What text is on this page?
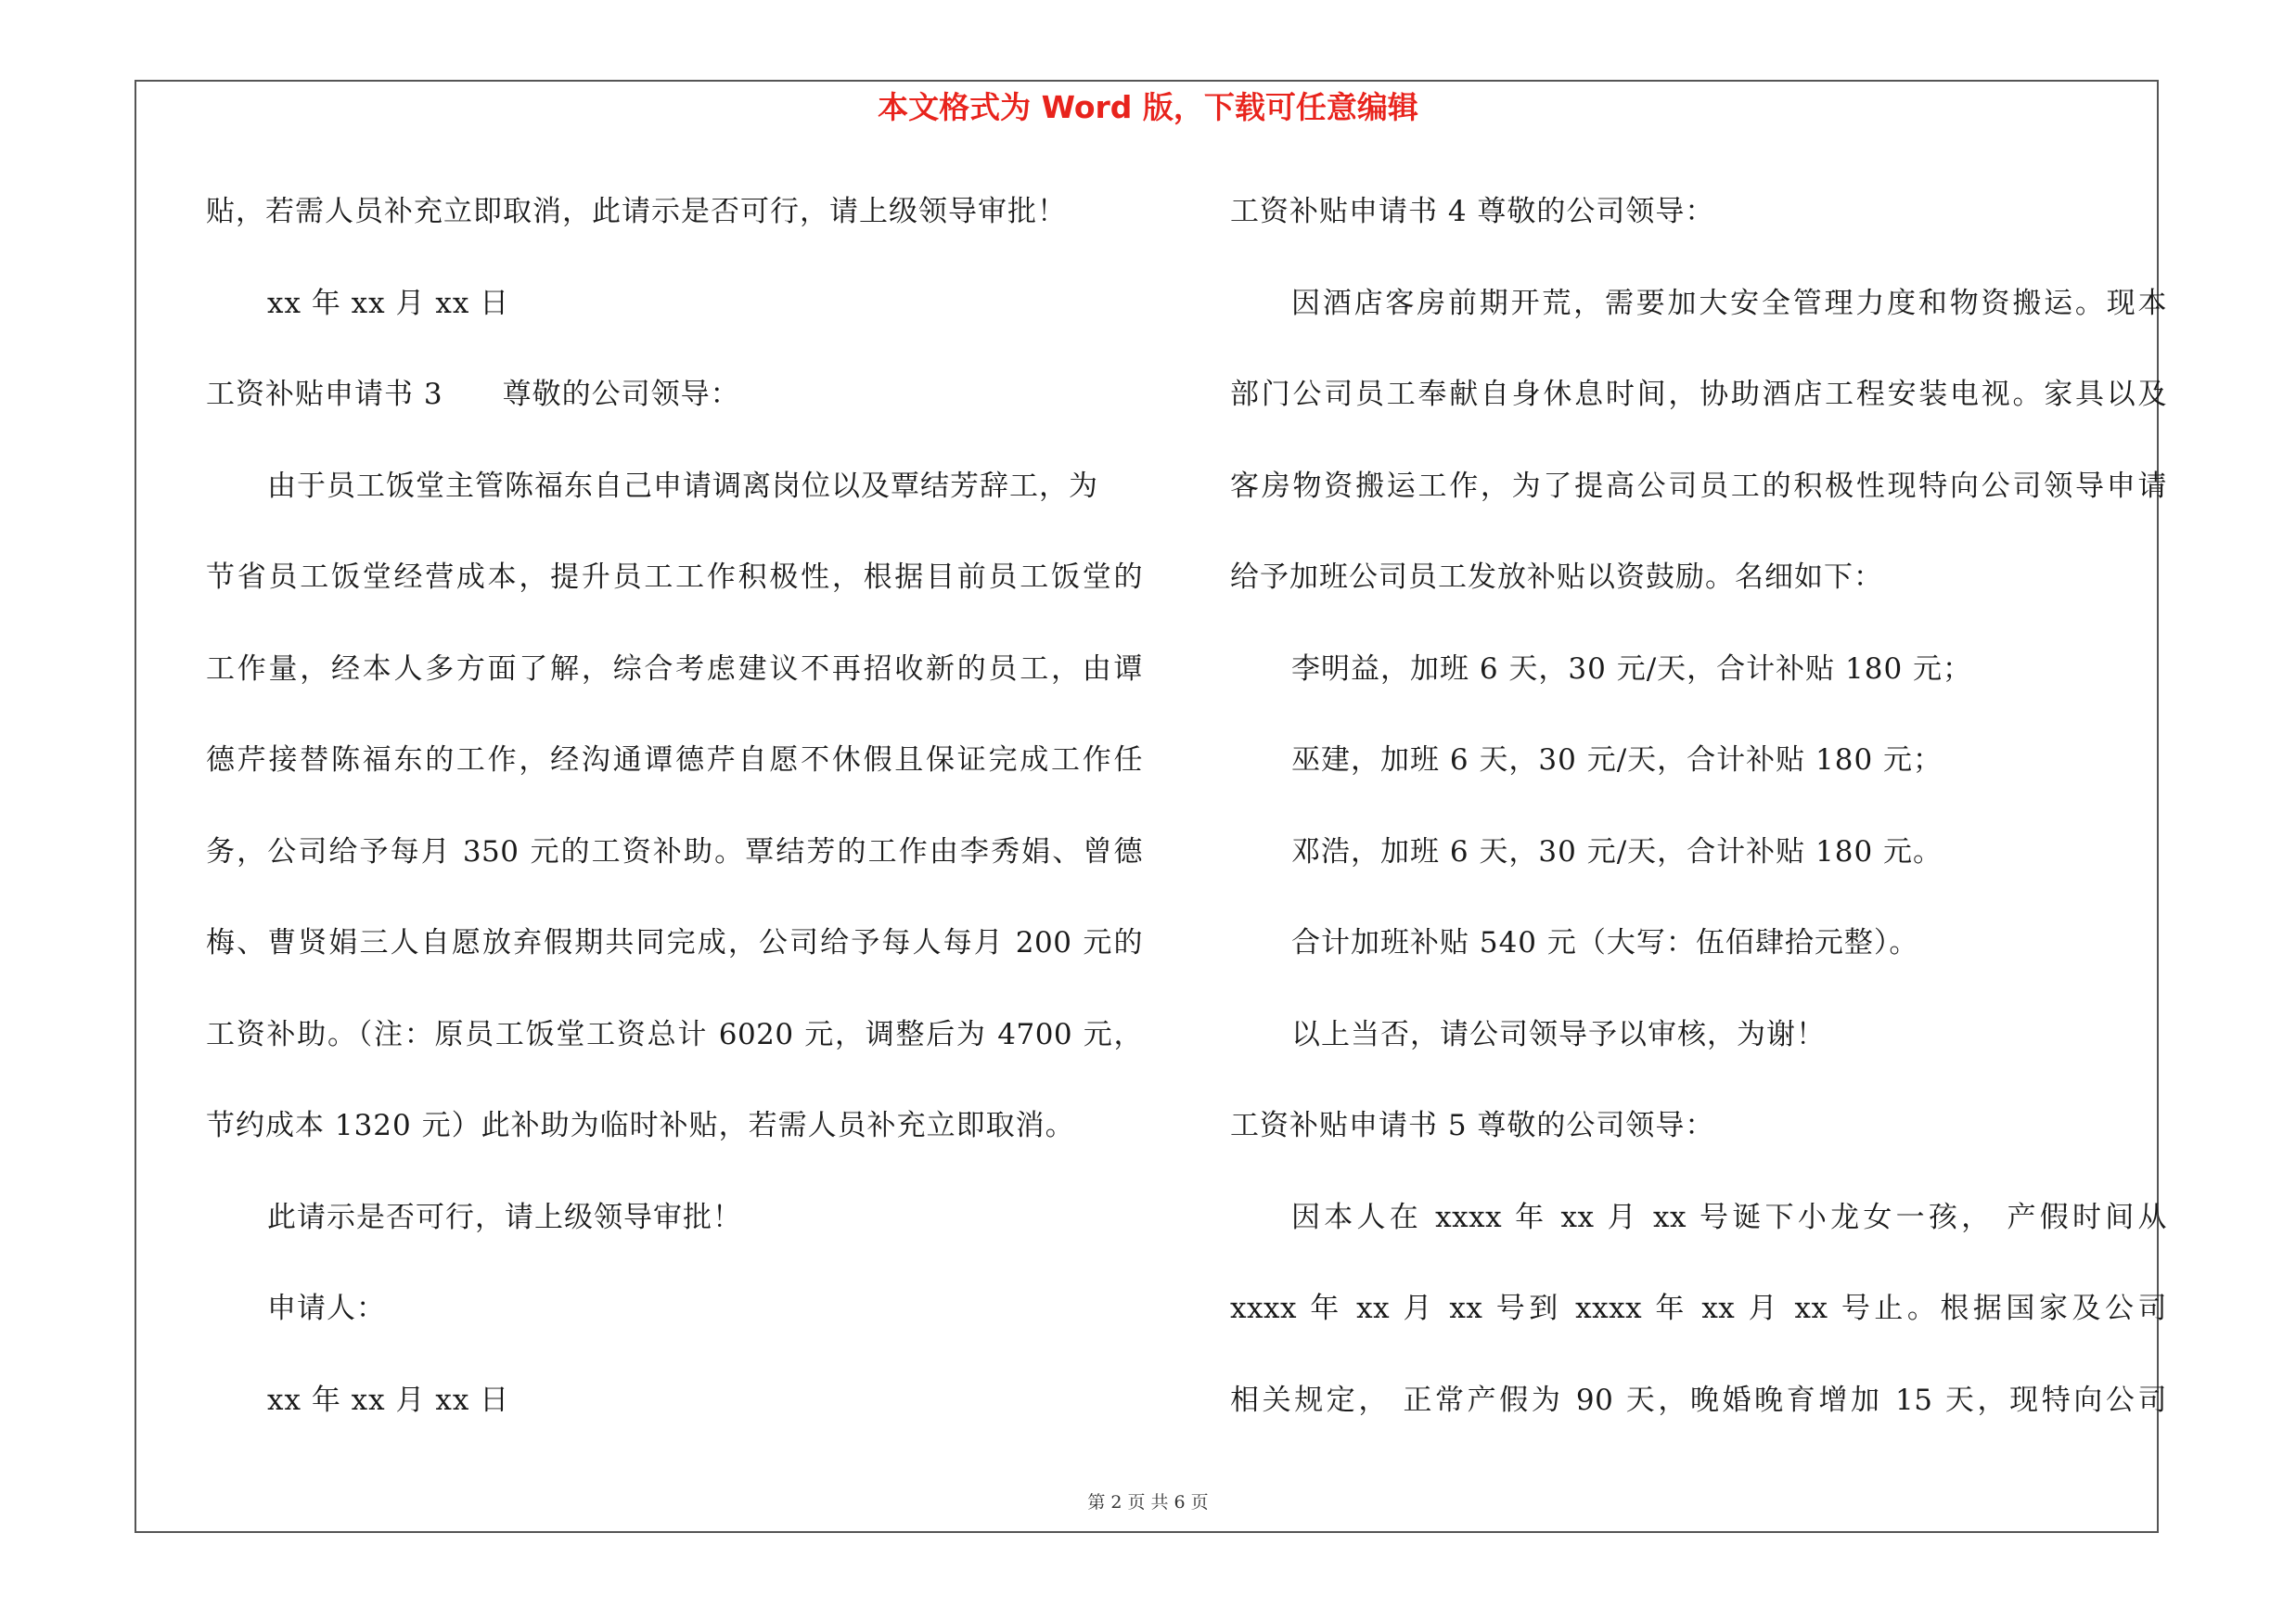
本文格式为 Word 版，下载可任意编辑
贴，若需人员补充立即取消，此请示是否可行，请上级领导审批！
xx 年 xx 月 xx 日
工资补贴申请书 3　　尊敬的公司领导：
由于员工饭堂主管陈福东自己申请调离岗位以及覃结芳辞工，为
节省员工饭堂经营成本，提升员工工作积极性，根据目前员工饭堂的
工作量，经本人多方面了解，综合考虑建议不再招收新的员工，由谭
德芹接替陈福东的工作，经沟通谭德芹自愿不休假且保证完成工作任
务，公司给予每月 350 元的工资补助。覃结芳的工作由李秀娟、曾德
梅、曹贤娟三人自愿放弃假期共同完成，公司给予每人每月 200 元的
工资补助。（注：原员工饭堂工资总计 6020 元，调整后为 4700 元，
节约成本 1320 元）此补助为临时补贴，若需人员补充立即取消。
此请示是否可行，请上级领导审批！
申请人：
xx 年 xx 月 xx 日
工资补贴申请书 4 尊敬的公司领导：
因酒店客房前期开荒，需要加大安全管理力度和物资搬运。现本
部门公司员工奉献自身休息时间，协助酒店工程安装电视。家具以及
客房物资搬运工作，为了提高公司员工的积极性现特向公司领导申请
给予加班公司员工发放补贴以资鼓励。名细如下：
李明益，加班 6 天，30 元/天，合计补贴 180 元；
巫建，加班 6 天，30 元/天，合计补贴 180 元；
邓浩，加班 6 天，30 元/天，合计补贴 180 元。
合计加班补贴 540 元（大写：伍佰肆拾元整）。
以上当否，请公司领导予以审核，为谢！
工资补贴申请书 5 尊敬的公司领导：
因本人在 xxxx 年 xx 月 xx 号诞下小龙女一孩， 产假时间从
xxxx 年 xx 月 xx 号到 xxxx 年 xx 月 xx 号止。根据国家及公司
相关规定， 正常产假为 90 天，晚婚晚育增加 15 天，现特向公司
第 2 页 共 6 页
